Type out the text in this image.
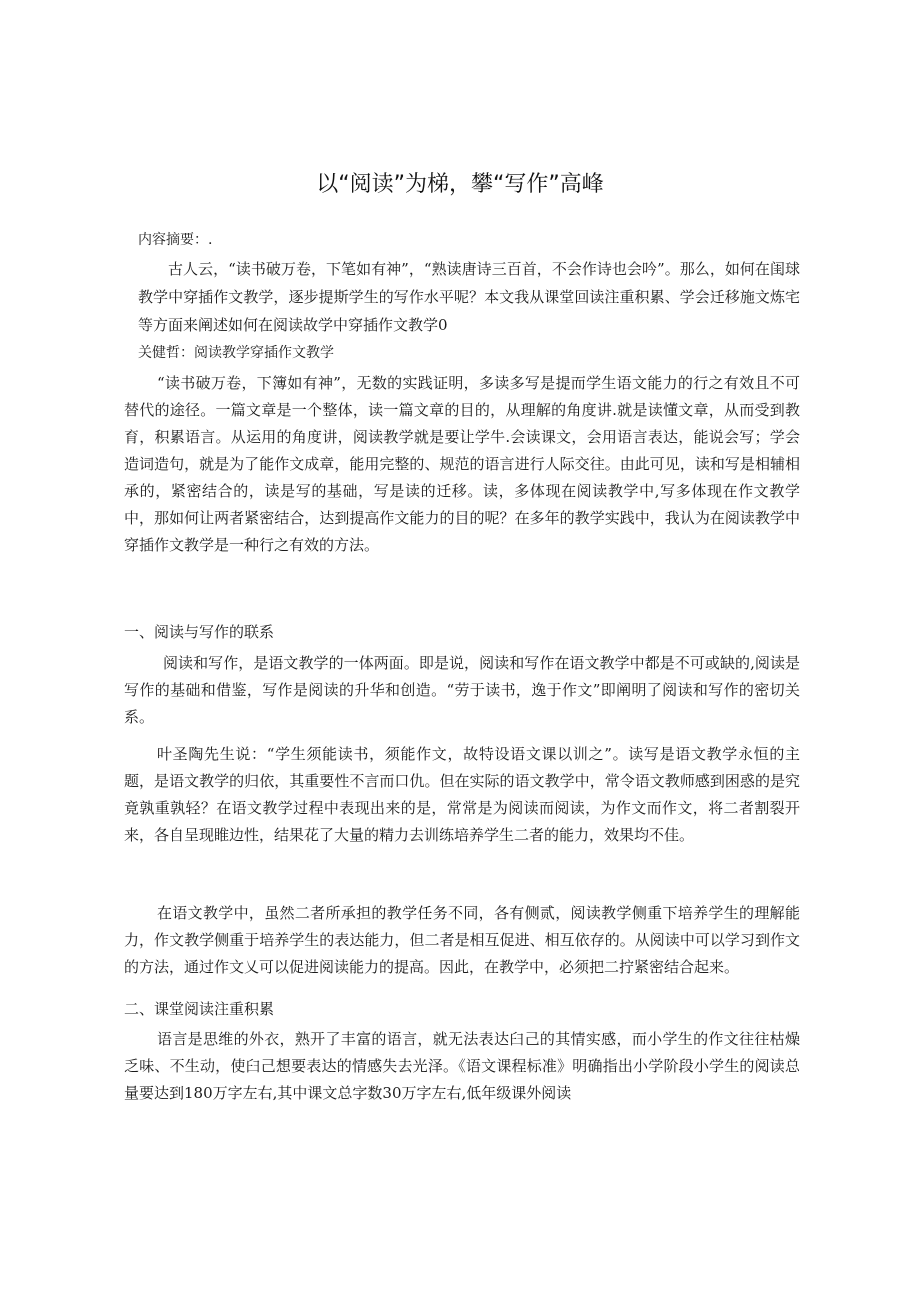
以“阅读”为梯，攀“写作”高峰

内容摘要：.

古人云，“读书破万卷，下笔如有神”，“熟读唐诗三百首，不会作诗也会吟”。那么，如何在闺球教学中穿插作文教学，逐步提斯学生的写作水平呢？本文我从课堂回读注重积累、学会迁移施文炼宅等方面来阐述如何在阅读故学中穿插作文教学0

关健哲：阅读教学穿插作文教学

“读书破万卷，下簿如有神”，无数的实践证明，多读多写是提而学生语文能力的行之有效且不可替代的途径。一篇文章是一个整体，读一篇文章的目的，从理解的角度讲.就是读懂文章，从而受到教育，积累语言。从运用的角度讲，阅读教学就是要让学牛.会读课文，会用语言表达，能说会写；学会造词造句，就是为了能作文成章，能用完整的、规范的语言进行人际交往。由此可见，读和写是相辅相承的，紧密结合的，读是写的基础，写是读的迁移。读，多体现在阅读教学中,写多体现在作文教学中，那如何让两者紧密结合，达到提高作文能力的目的呢？在多年的教学实践中，我认为在阅读教学中穿插作文教学是一种行之有效的方法。

一、阅读与写作的联系

阅读和写作，是语文教学的一体两面。即是说，阅读和写作在语文教学中都是不可或缺的,阅读是写作的基础和借鉴，写作是阅读的升华和创造。“劳于读书，逸于作文”即阐明了阅读和写作的密切关系。

叶圣陶先生说：“学生须能读书，须能作文，故特设语文课以训之”。读写是语文教学永恒的主题，是语文教学的归依，其重要性不言而口仇。但在实际的语文教学中，常令语文教师感到困惑的是究竟孰重孰轻？在语文教学过程中表现出来的是，常常是为阅读而阅读，为作文而作文，将二者割裂开来，各自呈现睢边性，结果花了大量的精力去训练培养学生二者的能力，效果均不佳。

在语文教学中，虽然二者所承担的教学任务不同，各有侧贰，阅读教学侧重下培养学生的理解能力，作文教学侧重于培养学生的表达能力，但二者是相互促进、相互依存的。从阅读中可以学习到作文的方法，通过作文乂可以促进阅读能力的提高。因此，在教学中，必须把二拧紧密结合起来。

二、课堂阅读注重积累

语言是思维的外衣，熟开了丰富的语言，就无法表达臼己的其情实感，而小学生的作文往往枯燥乏味、不生动，使臼己想要表达的情感失去光泽。《语文课程标准》明确指出小学阶段小学生的阅读总量要达到180万字左右,其中课文总字数30万字左右,低年级课外阅读
